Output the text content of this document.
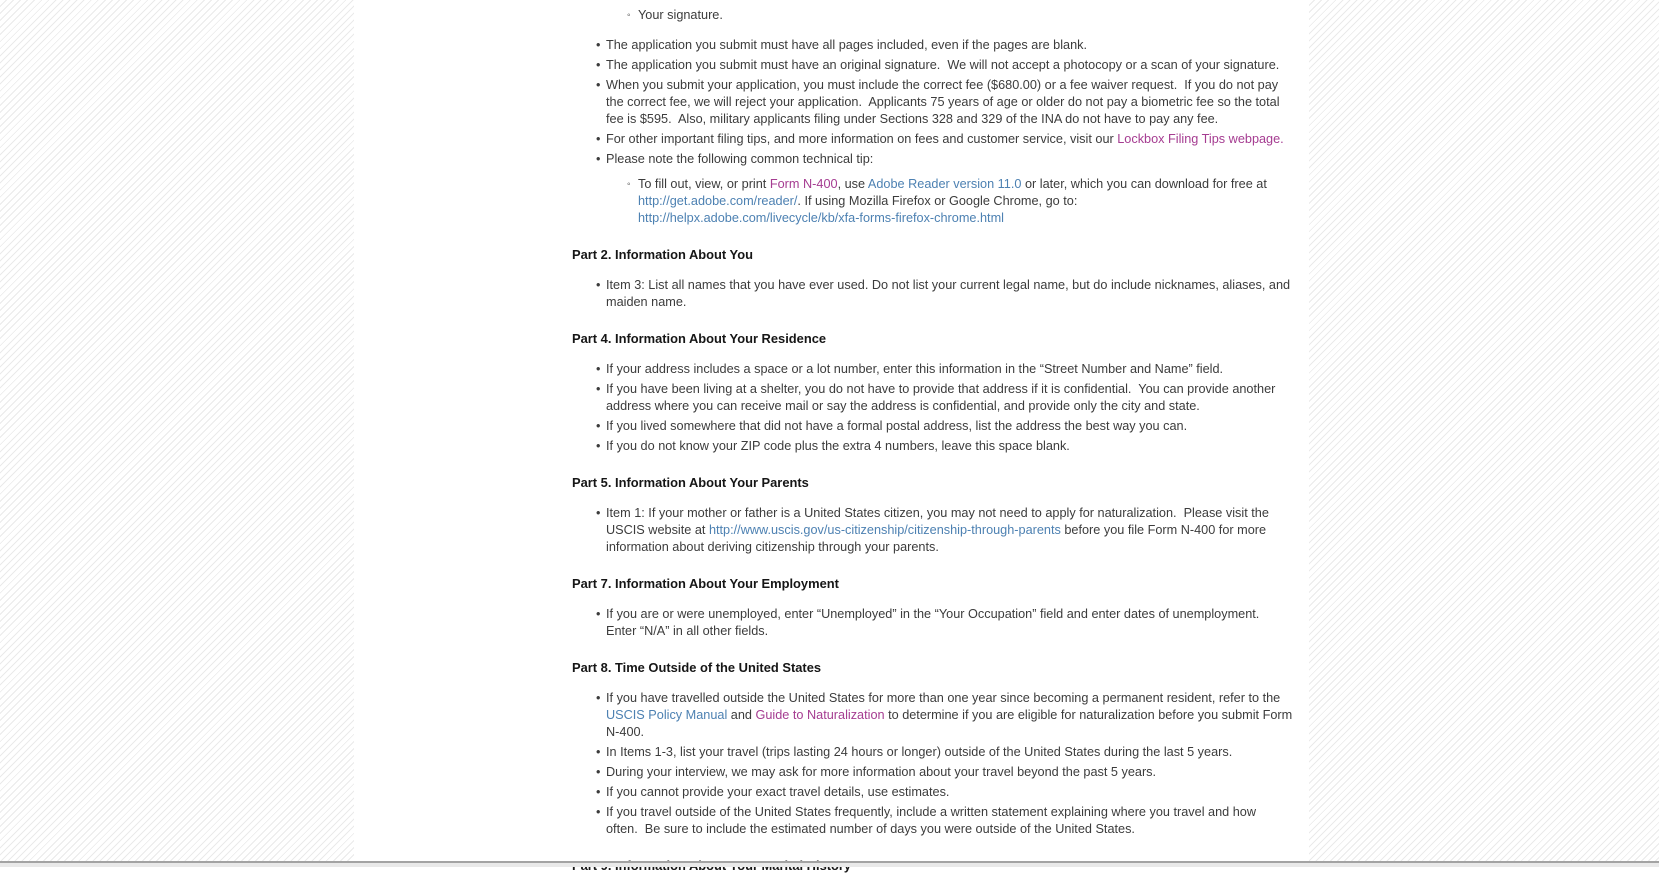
◦ Your signature.
• The application you submit must have all pages included, even if the pages are blank.
• The application you submit must have an original signature.  We will not accept a photocopy or a scan of your signature.
• When you submit your application, you must include the correct fee ($680.00) or a fee waiver request.  If you do not pay the correct fee, we will reject your application.  Applicants 75 years of age or older do not pay a biometric fee so the total fee is $595.  Also, military applicants filing under Sections 328 and 329 of the INA do not have to pay any fee.
• For other important filing tips, and more information on fees and customer service, visit our Lockbox Filing Tips webpage.
• Please note the following common technical tip:
◦ To fill out, view, or print Form N-400, use Adobe Reader version 11.0 or later, which you can download for free at http://get.adobe.com/reader/. If using Mozilla Firefox or Google Chrome, go to: http://helpx.adobe.com/livecycle/kb/xfa-forms-firefox-chrome.html
Part 2. Information About You
• Item 3: List all names that you have ever used. Do not list your current legal name, but do include nicknames, aliases, and maiden name.
Part 4. Information About Your Residence
• If your address includes a space or a lot number, enter this information in the “Street Number and Name” field.
• If you have been living at a shelter, you do not have to provide that address if it is confidential.  You can provide another address where you can receive mail or say the address is confidential, and provide only the city and state.
• If you lived somewhere that did not have a formal postal address, list the address the best way you can.
• If you do not know your ZIP code plus the extra 4 numbers, leave this space blank.
Part 5. Information About Your Parents
• Item 1: If your mother or father is a United States citizen, you may not need to apply for naturalization.  Please visit the USCIS website at http://www.uscis.gov/us-citizenship/citizenship-through-parents before you file Form N-400 for more information about deriving citizenship through your parents.
Part 7. Information About Your Employment
• If you are or were unemployed, enter “Unemployed” in the “Your Occupation” field and enter dates of unemployment.  Enter “N/A” in all other fields.
Part 8. Time Outside of the United States
• If you have travelled outside the United States for more than one year since becoming a permanent resident, refer to the USCIS Policy Manual and Guide to Naturalization to determine if you are eligible for naturalization before you submit Form N-400.
• In Items 1-3, list your travel (trips lasting 24 hours or longer) outside of the United States during the last 5 years.
• During your interview, we may ask for more information about your travel beyond the past 5 years.
• If you cannot provide your exact travel details, use estimates.
• If you travel outside of the United States frequently, include a written statement explaining where you travel and how often.  Be sure to include the estimated number of days you were outside of the United States.
